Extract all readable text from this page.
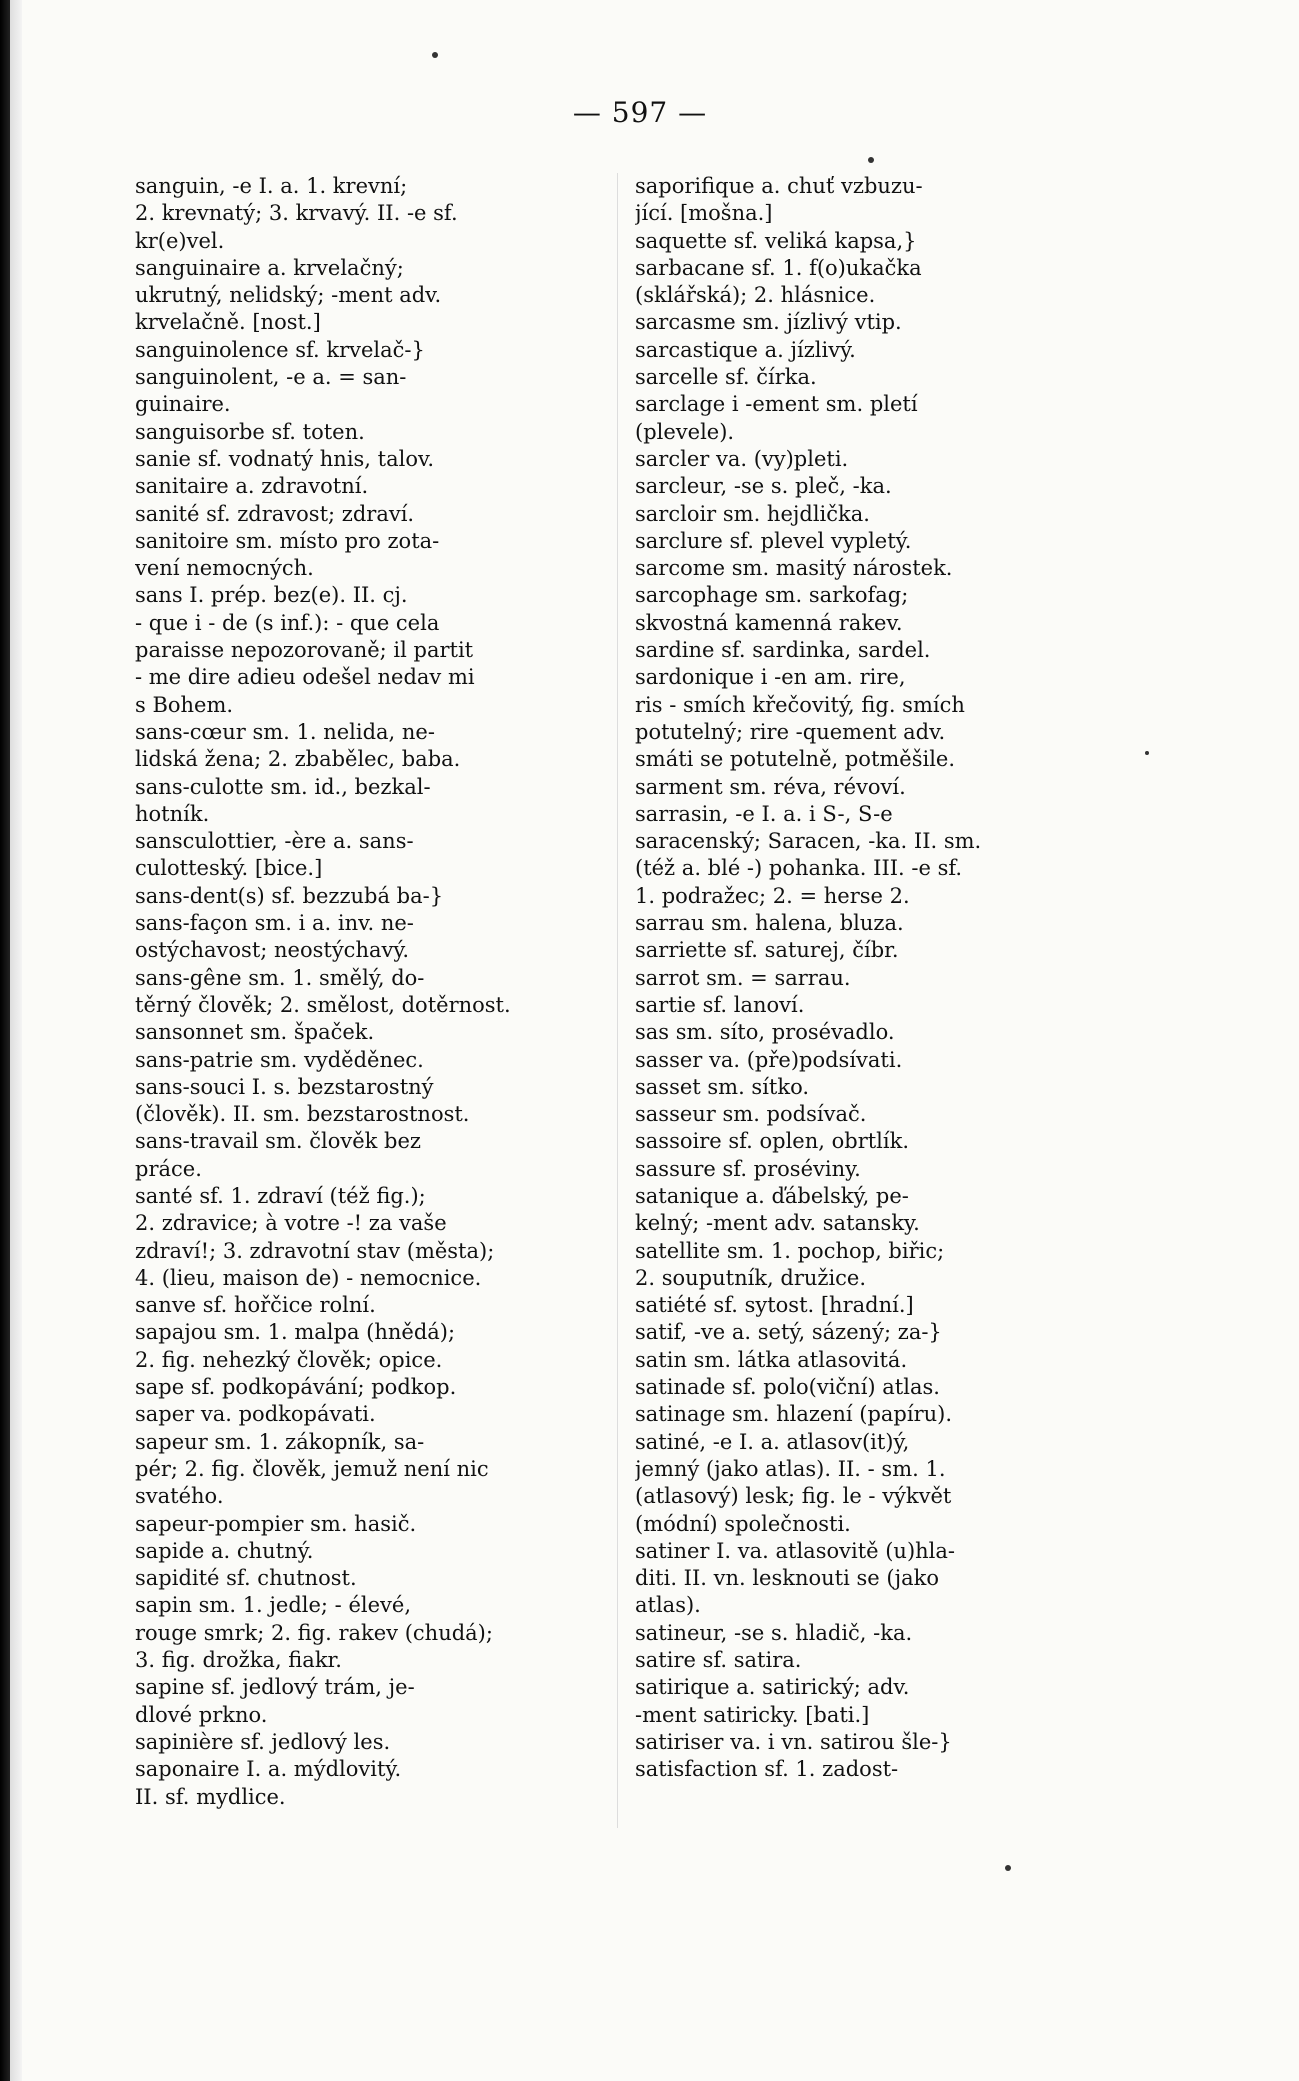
— 597 —
sanguin, -e I. a. 1. krevní;
2. krevnatý; 3. krvavý. II. -e sf.
kr(e)vel.
sanguinaire a. krvelačný;
ukrutný, nelidský; -ment adv.
krvelačně. [nost.]
sanguinolence sf. krvelač-}
sanguinolent, -e a. = san-
guinaire.
sanguisorbe sf. toten.
sanie sf. vodnatý hnis, talov.
sanitaire a. zdravotní.
sanité sf. zdravost; zdraví.
sanitoire sm. místo pro zota-
vení nemocných.
sans I. prép. bez(e). II. cj.
- que i - de (s inf.): - que cela
paraisse nepozorovaně; il partit
- me dire adieu odešel nedav mi
s Bohem.
sans-cœur sm. 1. nelida, ne-
lidská žena; 2. zbabělec, baba.
sans-culotte sm. id., bezkal-
hotník.
sansculottier, -ère a. sans-
culotteský. [bice.]
sans-dent(s) sf. bezzubá ba-}
sans-façon sm. i a. inv. ne-
ostýchavost; neostýchavý.
sans-gêne sm. 1. smělý, do-
těrný člověk; 2. smělost, dotěrnost.
sansonnet sm. špaček.
sans-patrie sm. vyděděnec.
sans-souci I. s. bezstarostný
(člověk). II. sm. bezstarostnost.
sans-travail sm. člověk bez
práce.
santé sf. 1. zdraví (též fig.);
2. zdravice; à votre -! za vaše
zdraví!; 3. zdravotní stav (města);
4. (lieu, maison de) - nemocnice.
sanve sf. hořčice rolní.
sapajou sm. 1. malpa (hnědá);
2. fig. nehezký člověk; opice.
sape sf. podkopávání; podkop.
saper va. podkopávati.
sapeur sm. 1. zákopník, sa-
pér; 2. fig. člověk, jemuž není nic
svatého.
sapeur-pompier sm. hasič.
sapide a. chutný.
sapidité sf. chutnost.
sapin sm. 1. jedle; - élevé,
rouge smrk; 2. fig. rakev (chudá);
3. fig. drožka, fiakr.
sapine sf. jedlový trám, je-
dlové prkno.
sapinière sf. jedlový les.
saponaire I. a. mýdlovitý.
II. sf. mydlice.
saporifique a. chuť vzbuzu-
jící. [mošna.]
saquette sf. veliká kapsa,}
sarbacane sf. 1. f(o)ukačka
(sklářská); 2. hlásnice.
sarcasme sm. jízlivý vtip.
sarcastique a. jízlivý.
sarcelle sf. čírka.
sarclage i -ement sm. pletí
(plevele).
sarcler va. (vy)pleti.
sarcleur, -se s. pleč, -ka.
sarcloir sm. hejdlička.
sarclure sf. plevel vypletý.
sarcome sm. masitý nárostek.
sarcophage sm. sarkofag;
skvostná kamenná rakev.
sardine sf. sardinka, sardel.
sardonique i -en am. rire,
ris - smích křečovitý, fig. smích
potutelný; rire -quement adv.
smáti se potutelně, potměšile.
sarment sm. réva, révoví.
sarrasin, -e I. a. i S-, S-e
saracenský; Saracen, -ka. II. sm.
(též a. blé -) pohanka. III. -e sf.
1. podražec; 2. = herse 2.
sarrau sm. halena, bluza.
sarriette sf. saturej, číbr.
sarrot sm. = sarrau.
sartie sf. lanoví.
sas sm. síto, prosévadlo.
sasser va. (pře)podsívati.
sasset sm. sítko.
sasseur sm. podsívač.
sassoire sf. oplen, obrtlík.
sassure sf. proséviny.
satanique a. ďábelský, pe-
kelný; -ment adv. satansky.
satellite sm. 1. pochop, biřic;
2. souputník, družice.
satiété sf. sytost. [hradní.]
satif, -ve a. setý, sázený; za-}
satin sm. látka atlasovitá.
satinade sf. polo(viční) atlas.
satinage sm. hlazení (papíru).
satiné, -e I. a. atlasov(it)ý,
jemný (jako atlas). II. - sm. 1.
(atlasový) lesk; fig. le - výkvět
(módní) společnosti.
satiner I. va. atlasovitě (u)hla-
diti. II. vn. lesknouti se (jako
atlas).
satineur, -se s. hladič, -ka.
satire sf. satira.
satirique a. satirický; adv.
-ment satiricky. [bati.]
satiriser va. i vn. satirou šle-}
satisfaction sf. 1. zadost-
